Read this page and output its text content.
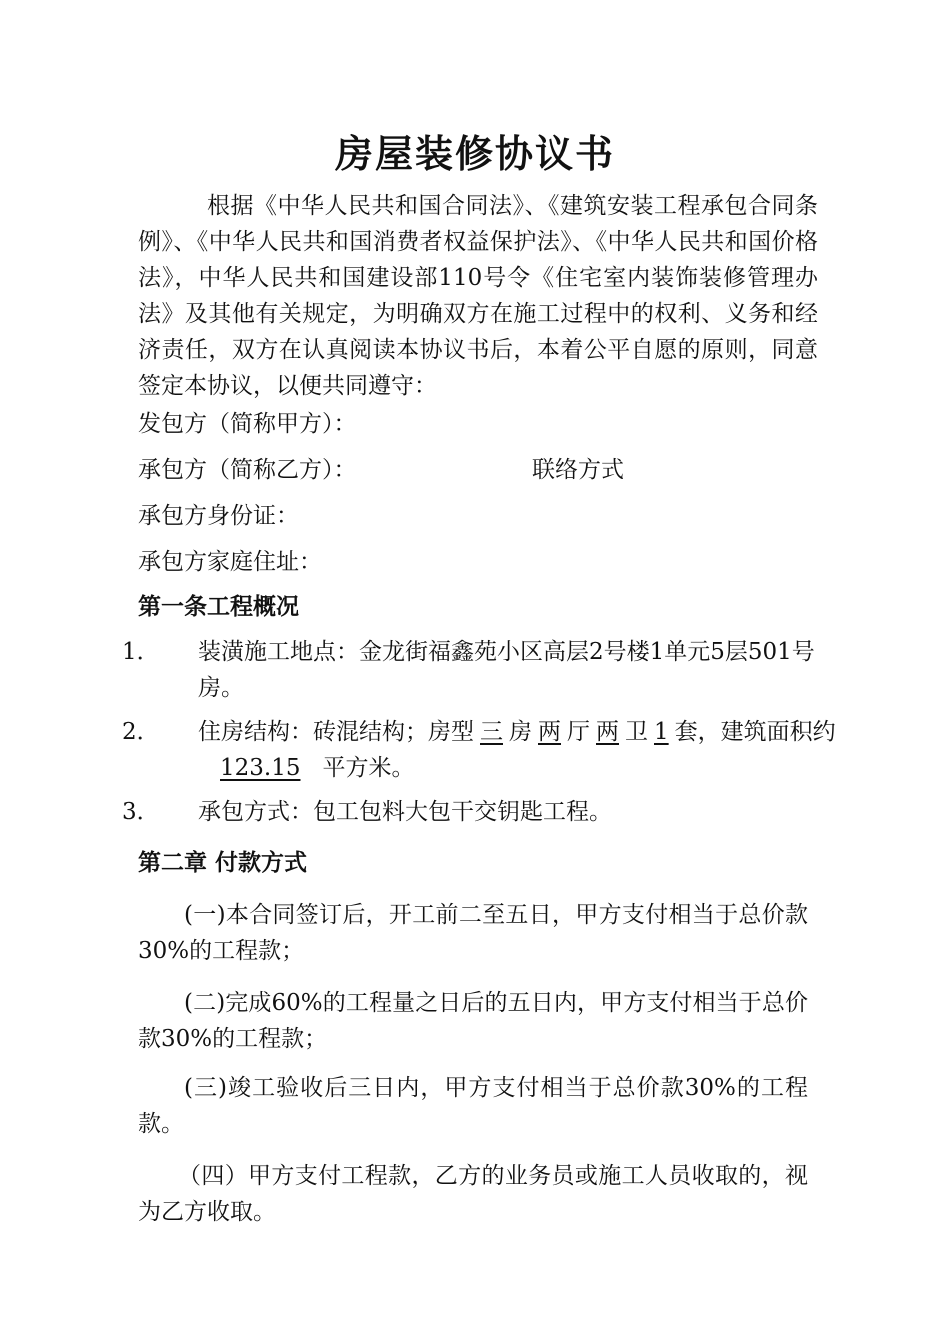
房屋装修协议书
根据《中华人民共和国合同法》、《建筑安装工程承包合同条例》、《中华人民共和国消费者权益保护法》、《中华人民共和国价格法》，中华人民共和国建设部110号令《住宅室内装饰装修管理办法》及其他有关规定，为明确双方在施工过程中的权利、义务和经济责任，双方在认真阅读本协议书后，本着公平自愿的原则，同意签定本协议，以便共同遵守：
发包方（简称甲方）：
承包方（简称乙方）：	联络方式
承包方身份证：
承包方家庭住址：
第一条工程概况
1． 装潢施工地点：金龙街福鑫苑小区高层2号楼1单元5层501号房。
2． 住房结构：砖混结构；房型 三 房 两 厅 两 卫 1 套，建筑面积约123.15 平方米。
3． 承包方式：包工包料大包干交钥匙工程。
第二章 付款方式
(一)本合同签订后，开工前二至五日，甲方支付相当于总价款30%的工程款；
(二)完成60%的工程量之日后的五日内，甲方支付相当于总价款30%的工程款；
(三)竣工验收后三日内，甲方支付相当于总价款30%的工程款。
（四）甲方支付工程款，乙方的业务员或施工人员收取的，视为乙方收取。
